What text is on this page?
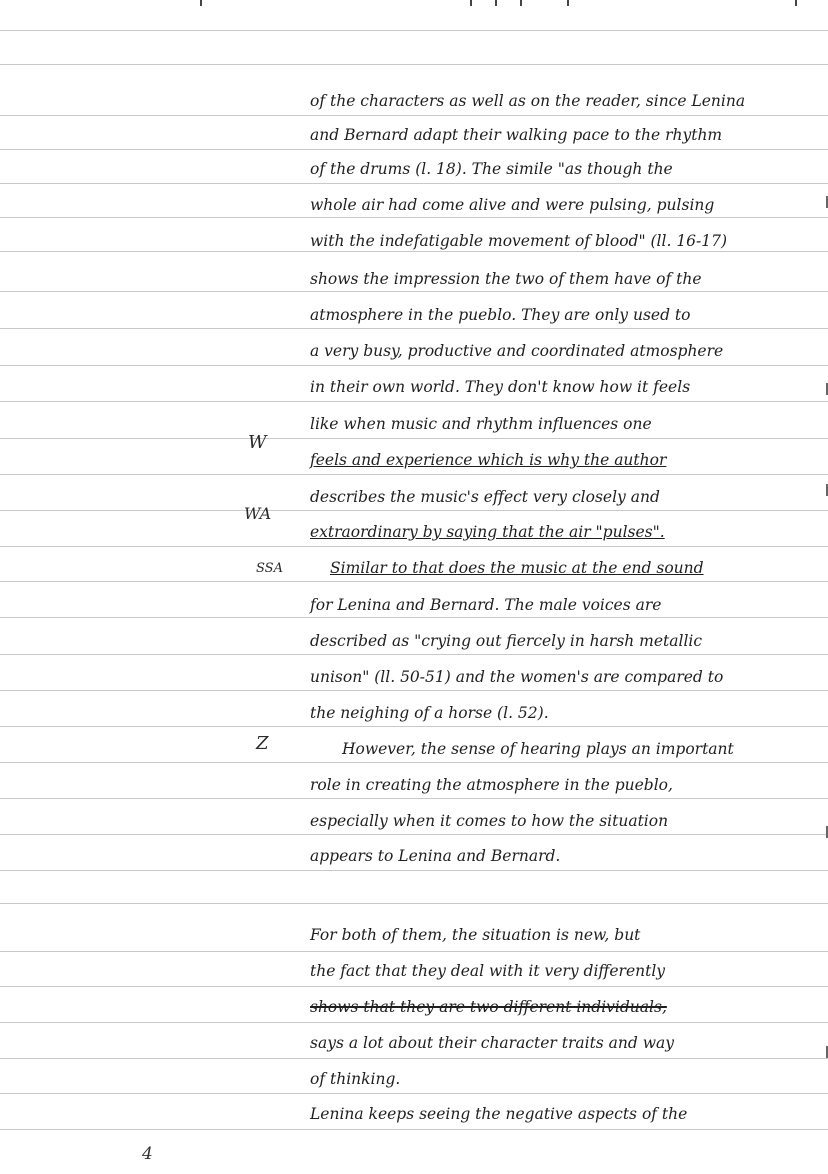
W
WA
SSA
Z
of the characters as well as on the reader, since Lenina
and Bernard adapt their walking pace to the rhythm
of the drums (l. 18). The simile "as though the
whole air had come alive and were pulsing, pulsing
with the indefatigable movement of blood" (ll. 16-17)
shows the impression the two of them have of the
atmosphere in the pueblo. They are only used to
a very busy, productive and coordinated atmosphere
in their own world. They don't know how it feels
like when music and rhythm influences one
feels and experience which is why the author
describes the music's effect very closely and
extraordinary by saying that the air "pulses".
Similar to that does the music at the end sound
for Lenina and Bernard. The male voices are
described as "crying out fiercely in harsh metallic
unison" (ll. 50-51) and the women's are compared to
the neighing of a horse (l. 52).
However, the sense of hearing plays an important
role in creating the atmosphere in the pueblo,
especially when it comes to how the situation
appears to Lenina and Bernard.
For both of them, the situation is new, but
the fact that they deal with it very differently
shows that they are two different individuals,
says a lot about their character traits and way
of thinking.
Lenina keeps seeing the negative aspects of the
4
